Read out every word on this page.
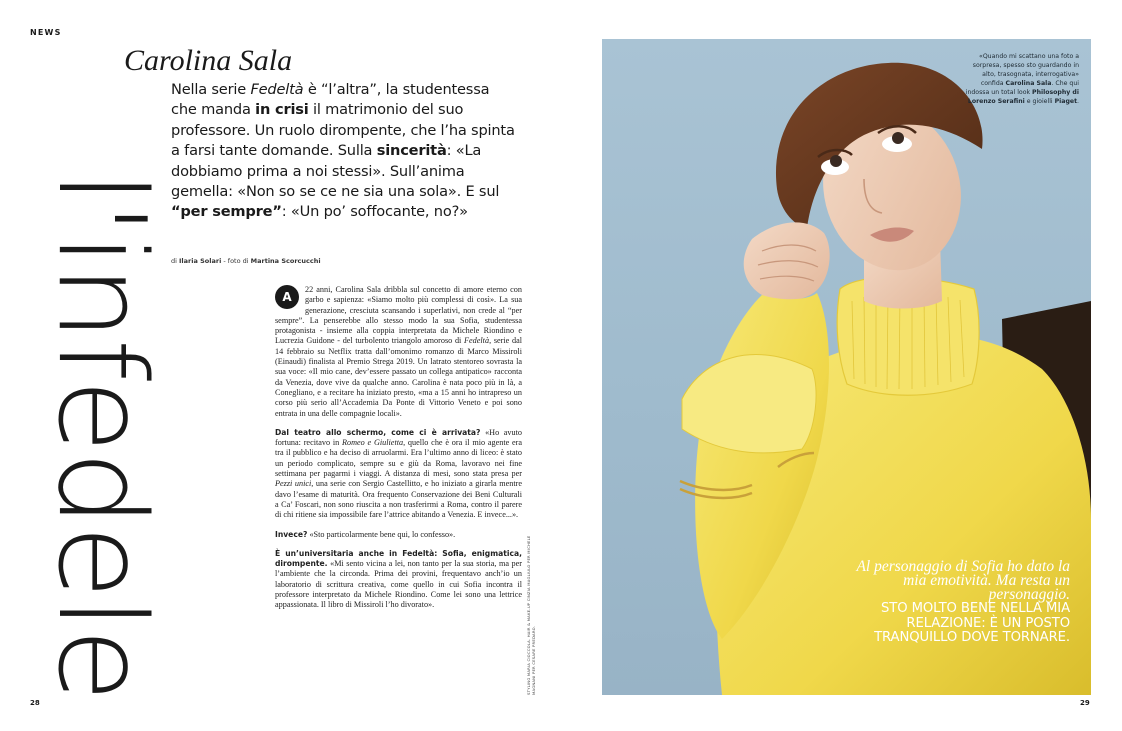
NEWS
l'infedele
Carolina Sala
Nella serie Fedeltà è “l’altra”, la studentessa che manda in crisi il matrimonio del suo professore. Un ruolo dirompente, che l’ha spinta a farsi tante domande. Sulla sincerità: «La dobbiamo prima a noi stessi». Sull’anima gemella: «Non so se ce ne sia una sola». E sul “per sempre”: «Un po’ soffocante, no?»
di Ilaria Solari - foto di Martina Scorcucchi

A
22 anni, Carolina Sala dribbla sul concetto di amore eterno con garbo e sapienza: «Siamo molto più complessi di così». La sua generazione, cresciuta scansando i superlativi, non crede al “per sempre”. La penserebbe allo stesso modo la sua Sofia, studentessa protagonista - insieme alla coppia interpretata da Michele Riondino e Lucrezia Guidone - del turbolento triangolo amoroso di Fedeltà, serie dal 14 febbraio su Netflix tratta dall’omonimo romanzo di Marco Missiroli (Einaudi) finalista al Premio Strega 2019. Un latrato stentoreo sovrasta la sua voce: «Il mio cane, dev’essere passato un collega antipatico» racconta da Venezia, dove vive da qualche anno. Carolina è nata poco più in là, a Conegliano, e a recitare ha iniziato presto, «ma a 15 anni ho intrapreso un corso più serio all’Accademia Da Ponte di Vittorio Veneto e poi sono entrata in una delle compagnie locali».

Dal teatro allo schermo, come ci è arrivata? «Ho avuto fortuna: recitavo in Romeo e Giulietta, quello che è ora il mio agente era tra il pubblico e ha deciso di arruolarmi. Era l’ultimo anno di liceo: è stato un periodo complicato, sempre su e giù da Roma, lavoravo nei fine settimana per pagarmi i viaggi. A distanza di mesi, sono stata presa per Pezzi unici, una serie con Sergio Castellitto, e ho iniziato a girarla mentre davo l’esame di maturità. Ora frequento Conservazione dei Beni Culturali a Ca’ Foscari, non sono riuscita a non trasferirmi a Roma, contro il parere di chi ritiene sia impossibile fare l’attrice abitando a Venezia. E invece...».

Invece? «Sto particolarmente bene qui, lo confesso».

È un’universitaria anche in Fedeltà: Sofia, enigmatica, dirompente. «Mi sento vicina a lei, non tanto per la sua storia, ma per l’ambiente che la circonda. Prima dei provini, frequentavo anch’io un laboratorio di scrittura creativa, come quello in cui Sofia incontra il professore interpretato da Michele Riondino. Come lei sono una lettrice appassionata. Il libro di Missiroli l’ho divorato».	STYLING MARIA CIOCCOLA. HAIR & MAKE-UP CINZIA MAGLIULO PER MICHELE MAGNANI PER CESARE PREDARO.
28	29
«Quando mi scattano una foto a sorpresa, spesso sto guardando in alto, trasognata, interrogativa» confida Carolina Sala. Che qui indossa un total look Philosophy di Lorenzo Serafini e gioielli Piaget.
Al personaggio di Sofia ho dato la mia emotività. Ma resta un personaggio.
STO MOLTO BENE NELLA MIA RELAZIONE: È UN POSTO TRANQUILLO DOVE TORNARE.
